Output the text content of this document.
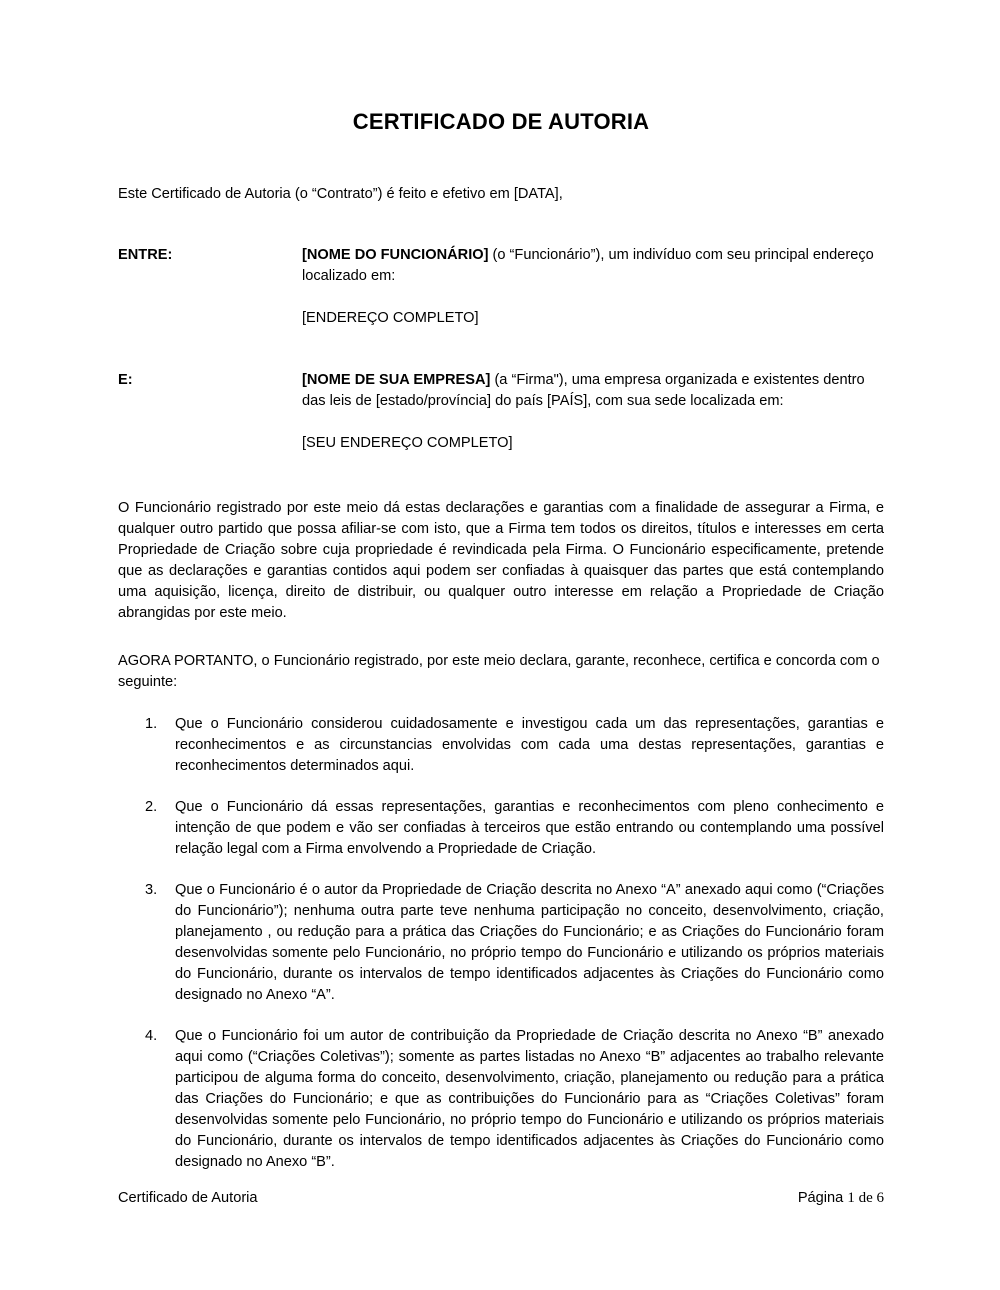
CERTIFICADO DE AUTORIA

Este Certificado de Autoria (o “Contrato”) é feito e efetivo em [DATA],

ENTRE:	[NOME DO FUNCIONÁRIO] (o “Funcionário”), um indivíduo com seu principal endereço localizado em:

[ENDEREÇO COMPLETO]

E:	[NOME DE SUA EMPRESA] (a “Firma"), uma empresa organizada e existentes dentro das leis de [estado/província] do país [PAÍS], com sua sede localizada em:

[SEU ENDEREÇO COMPLETO]

O Funcionário registrado por este meio dá estas declarações e garantias com a finalidade de assegurar a Firma, e qualquer outro partido que possa afiliar-se com isto, que a Firma tem todos os direitos, títulos e interesses em certa Propriedade de Criação sobre cuja propriedade é revindicada pela Firma. O Funcionário especificamente, pretende que as declarações e garantias contidos aqui podem ser confiadas à quaisquer das partes que está contemplando uma aquisição, licença, direito de distribuir, ou qualquer outro interesse em relação a Propriedade de Criação abrangidas por este meio.

AGORA PORTANTO, o Funcionário registrado, por este meio declara, garante, reconhece, certifica e concorda com o seguinte:

Que o Funcionário considerou cuidadosamente e investigou cada um das representações, garantias e reconhecimentos e as circunstancias envolvidas com cada uma destas representações, garantias e reconhecimentos determinados aqui.
Que o Funcionário dá essas representações, garantias e reconhecimentos com pleno conhecimento e intenção de que podem e vão ser confiadas à terceiros que estão entrando ou contemplando uma possível relação legal com a Firma envolvendo a Propriedade de Criação.
Que o Funcionário é o autor da Propriedade de Criação descrita no Anexo “A” anexado aqui como (“Criações do Funcionário”); nenhuma outra parte teve nenhuma participação no conceito, desenvolvimento, criação, planejamento , ou redução para a prática das Criações do Funcionário; e as Criações do Funcionário foram desenvolvidas somente pelo Funcionário, no próprio tempo do Funcionário e utilizando os próprios materiais do Funcionário, durante os intervalos de tempo identificados adjacentes às Criações do Funcionário como designado no Anexo “A”.
Que o Funcionário foi um autor de contribuição da Propriedade de Criação descrita no Anexo “B” anexado aqui como (“Criações Coletivas”); somente as partes listadas no Anexo “B” adjacentes ao trabalho relevante participou de alguma forma do conceito, desenvolvimento, criação, planejamento ou redução para a prática das Criações do Funcionário; e que as contribuições do Funcionário para as “Criações Coletivas” foram desenvolvidas somente pelo Funcionário, no próprio tempo do Funcionário e utilizando os próprios materiais do Funcionário, durante os intervalos de tempo identificados adjacentes às Criações do Funcionário como designado no Anexo “B”.
Certificado de Autoria	Página 1 de 6
